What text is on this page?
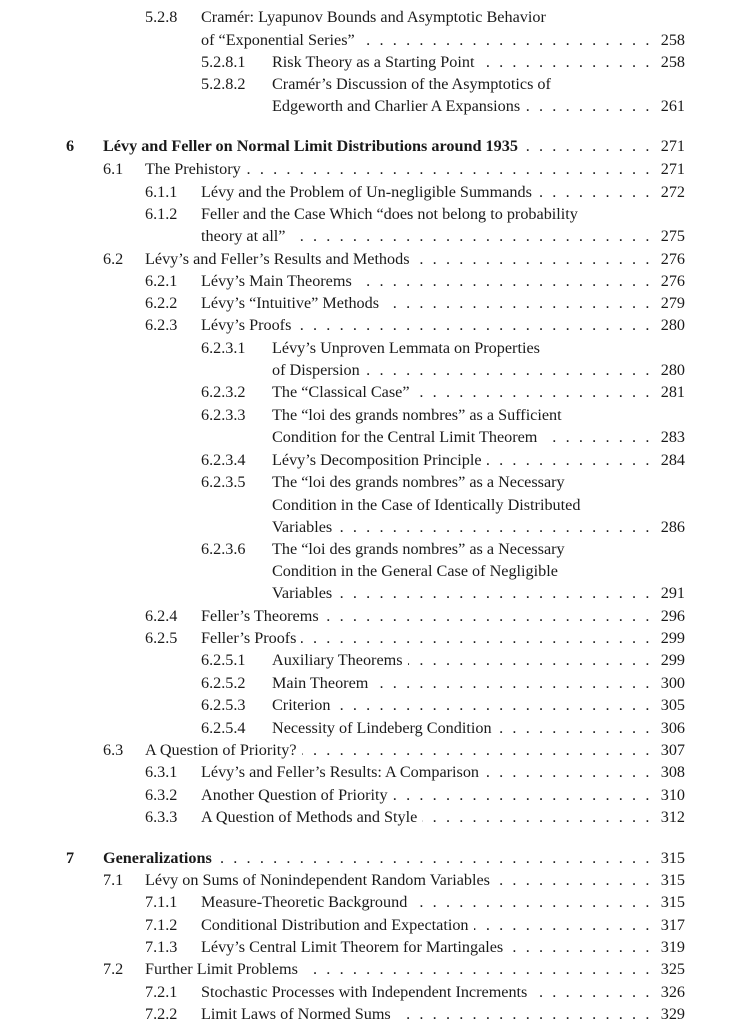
5.2.8 Cramér: Lyapunov Bounds and Asymptotic Behavior
of “Exponential Series” . . .	258
5.2.8.1 Risk Theory as a Starting Point . . .	258
5.2.8.2 Cramér’s Discussion of the Asymptotics of
Edgeworth and Charlier A Expansions . . .	261
6 Lévy and Feller on Normal Limit Distributions around 1935 . . .	271
6.1 The Prehistory . . .	271
6.1.1 Lévy and the Problem of Un-negligible Summands . . .	272
6.1.2 Feller and the Case Which “does not belong to probability
theory at all” . . .	275
6.2 Lévy’s and Feller’s Results and Methods . . .	276
6.2.1 Lévy’s Main Theorems . . .	276
6.2.2 Lévy’s “Intuitive” Methods . . .	279
6.2.3 Lévy’s Proofs . . .	280
6.2.3.1 Lévy’s Unproven Lemmata on Properties
of Dispersion . . .	280
6.2.3.2 The “Classical Case” . . .	281
6.2.3.3 The “loi des grands nombres” as a Sufficient
Condition for the Central Limit Theorem . . .	283
6.2.3.4 Lévy’s Decomposition Principle . . .	284
6.2.3.5 The “loi des grands nombres” as a Necessary
Condition in the Case of Identically Distributed
Variables . . .	286
6.2.3.6 The “loi des grands nombres” as a Necessary
Condition in the General Case of Negligible
Variables . . .	291
6.2.4 Feller’s Theorems . . .	296
6.2.5 Feller’s Proofs . . .	299
6.2.5.1 Auxiliary Theorems . . .	299
6.2.5.2 Main Theorem . . .	300
6.2.5.3 Criterion . . .	305
6.2.5.4 Necessity of Lindeberg Condition . . .	306
6.3 A Question of Priority? . . .	307
6.3.1 Lévy’s and Feller’s Results: A Comparison . . .	308
6.3.2 Another Question of Priority . . .	310
6.3.3 A Question of Methods and Style . . .	312
7 Generalizations . . .	315
7.1 Lévy on Sums of Nonindependent Random Variables . . .	315
7.1.1 Measure-Theoretic Background . . .	315
7.1.2 Conditional Distribution and Expectation . . .	317
7.1.3 Lévy’s Central Limit Theorem for Martingales . . .	319
7.2 Further Limit Problems . . .	325
7.2.1 Stochastic Processes with Independent Increments . . .	326
7.2.2 Limit Laws of Normed Sums . . .	329
